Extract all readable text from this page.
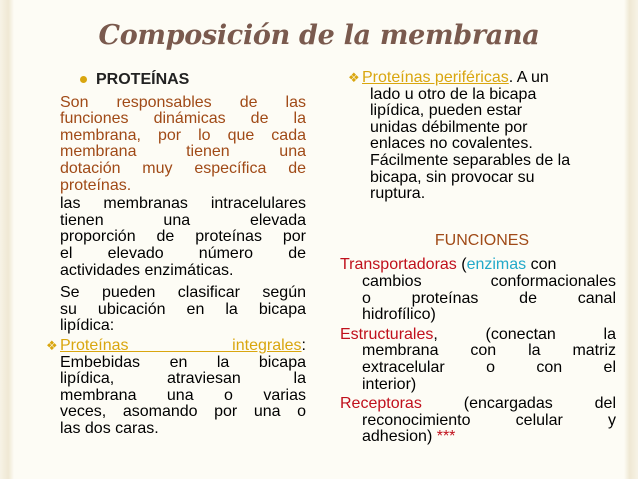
Composición de la membrana
PROTEÍNAS
Son responsables de las
funciones dinámicas de la
membrana, por lo que cada
membrana tienen una
dotación muy específica de
proteínas.
las membranas intracelulares
tienen una elevada
proporción de proteínas por
el elevado número de
actividades enzimáticas.
Se pueden clasificar según
su ubicación en la bicapa
lipídica:
❖ Proteínas integrales:
Embebidas en la bicapa
lipídica, atraviesan la
membrana una o varias
veces, asomando por una o
las dos caras.
❖ Proteínas periféricas. A un
lado u otro de la bicapa
lipídica, pueden estar
unidas débilmente por
enlaces no covalentes.
Fácilmente separables de la
bicapa, sin provocar su
ruptura.
FUNCIONES
Transportadoras (enzimas con
cambios conformacionales
o proteínas de canal
hidrofílico)
Estructurales, (conectan la
membrana con la matriz
extracelular o con el
interior)
Receptoras (encargadas del
reconocimiento celular y
adhesion) ***
